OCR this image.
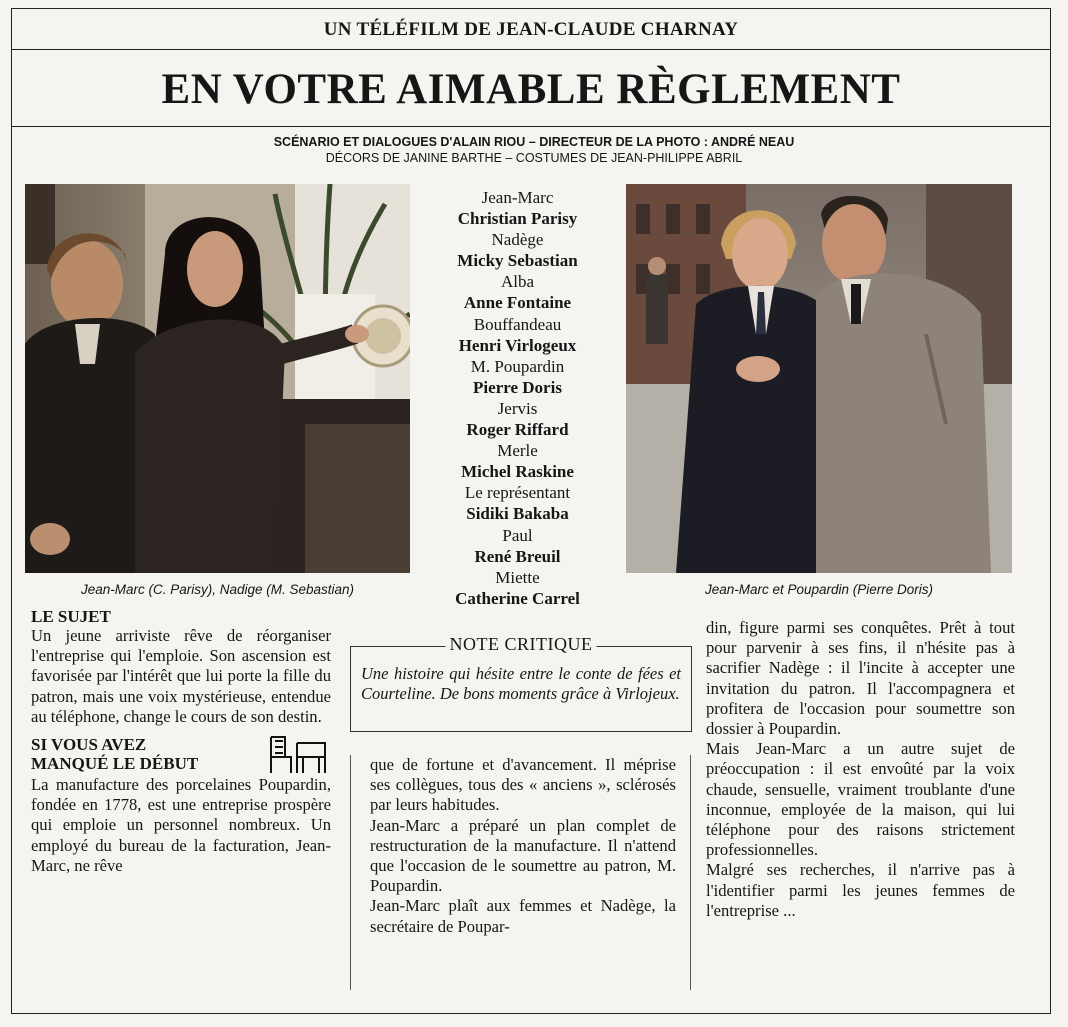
UN TÉLÉFILM DE JEAN-CLAUDE CHARNAY
EN VOTRE AIMABLE RÈGLEMENT
SCÉNARIO ET DIALOGUES D'ALAIN RIOU – DIRECTEUR DE LA PHOTO : ANDRÉ NEAU
DÉCORS DE JANINE BARTHE – COSTUMES DE JEAN-PHILIPPE ABRIL
Jean-Marc (C. Parisy), Nadige (M. Sebastian)
Jean-Marc
Christian Parisy
Nadège
Micky Sebastian
Alba
Anne Fontaine
Bouffandeau
Henri Virlogeux
M. Poupardin
Pierre Doris
Jervis
Roger Riffard
Merle
Michel Raskine
Le représentant
Sidiki Bakaba
Paul
René Breuil
Miette
Catherine Carrel	Jean-Marc et Poupardin (Pierre Doris)
LE SUJET

Un jeune arriviste rêve de réorganiser l'entreprise qui l'emploie. Son ascension est favorisée par l'intérêt que lui porte la fille du patron, mais une voix mystérieuse, entendue au téléphone, change le cours de son destin.

SI VOUS AVEZ
MANQUÉ LE DÉBUT

La manufacture des porcelaines Poupardin, fondée en 1778, est une entreprise prospère qui emploie un personnel nombreux. Un employé du bureau de la facturation, Jean-Marc, ne rêve

NOTE CRITIQUE
Une histoire qui hésite entre le conte de fées et Courteline. De bons moments grâce à Virlojeux.

que de fortune et d'avancement. Il méprise ses collègues, tous des « anciens », sclérosés par leurs habitudes.

Jean-Marc a préparé un plan complet de restructuration de la manufacture. Il n'attend que l'occasion de le soumettre au patron, M. Poupardin.

Jean-Marc plaît aux femmes et Nadège, la secrétaire de Poupar-

din, figure parmi ses conquêtes. Prêt à tout pour parvenir à ses fins, il n'hésite pas à sacrifier Nadège : il l'incite à accepter une invitation du patron. Il l'accompagnera et profitera de l'occasion pour soumettre son dossier à Poupardin.

Mais Jean-Marc a un autre sujet de préoccupation : il est envoûté par la voix chaude, sensuelle, vraiment troublante d'une inconnue, employée de la maison, qui lui téléphone pour des raisons strictement professionnelles.

Malgré ses recherches, il n'arrive pas à l'identifier parmi les jeunes femmes de l'entreprise ...
